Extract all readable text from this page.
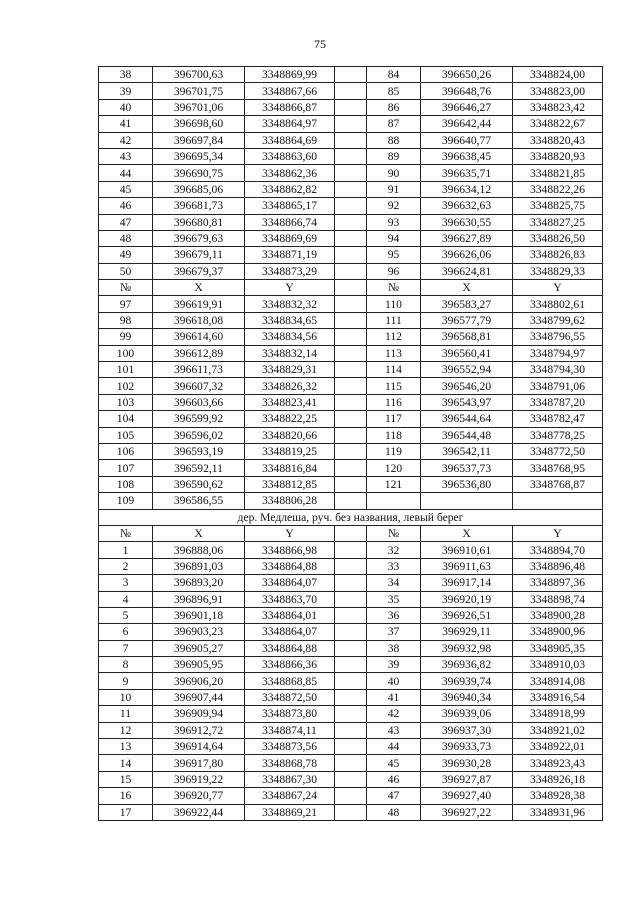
75
38	396700,63	3348869,99		84	396650,26	3348824,00
39	396701,75	3348867,66		85	396648,76	3348823,00
40	396701,06	3348866,87		86	396646,27	3348823,42
41	396698,60	3348864,97		87	396642,44	3348822,67
42	396697,84	3348864,69		88	396640,77	3348820,43
43	396695,34	3348863,60		89	396638,45	3348820,93
44	396690,75	3348862,36		90	396635,71	3348821,85
45	396685,06	3348862,82		91	396634,12	3348822,26
46	396681,73	3348865,17		92	396632,63	3348825,75
47	396680,81	3348866,74		93	396630,55	3348827,25
48	396679,63	3348869,69		94	396627,89	3348826,50
49	396679,11	3348871,19		95	396626,06	3348826,83
50	396679,37	3348873,29		96	396624,81	3348829,33
№	X	Y		№	X	Y
97	396619,91	3348832,32		110	396583,27	3348802,61
98	396618,08	3348834,65		111	396577,79	3348799,62
99	396614,60	3348834,56		112	396568,81	3348796,55
100	396612,89	3348832,14		113	396560,41	3348794,97
101	396611,73	3348829,31		114	396552,94	3348794,30
102	396607,32	3348826,32		115	396546,20	3348791,06
103	396603,66	3348823,41		116	396543,97	3348787,20
104	396599,92	3348822,25		117	396544,64	3348782,47
105	396596,02	3348820,66		118	396544,48	3348778,25
106	396593,19	3348819,25		119	396542,11	3348772,50
107	396592,11	3348816,84		120	396537,73	3348768,95
108	396590,62	3348812,85		121	396536,80	3348768,87
109	396586,55	3348806,28				
дер. Медлеша, руч. без названия, левый берег						
№	X	Y		№	X	Y
1	396888,06	3348866,98		32	396910,61	3348894,70
2	396891,03	3348864,88		33	396911,63	3348896,48
3	396893,20	3348864,07		34	396917,14	3348897,36
4	396896,91	3348863,70		35	396920,19	3348898,74
5	396901,18	3348864,01		36	396926,51	3348900,28
6	396903,23	3348864,07		37	396929,11	3348900,96
7	396905,27	3348864,88		38	396932,98	3348905,35
8	396905,95	3348866,36		39	396936,82	3348910,03
9	396906,20	3348868,85		40	396939,74	3348914,08
10	396907,44	3348872,50		41	396940,34	3348916,54
11	396909,94	3348873,80		42	396939,06	3348918,99
12	396912,72	3348874,11		43	396937,30	3348921,02
13	396914,64	3348873,56		44	396933,73	3348922,01
14	396917,80	3348868,78		45	396930,28	3348923,43
15	396919,22	3348867,30		46	396927,87	3348926,18
16	396920,77	3348867,24		47	396927,40	3348928,38
17	396922,44	3348869,21		48	396927,22	3348931,96
